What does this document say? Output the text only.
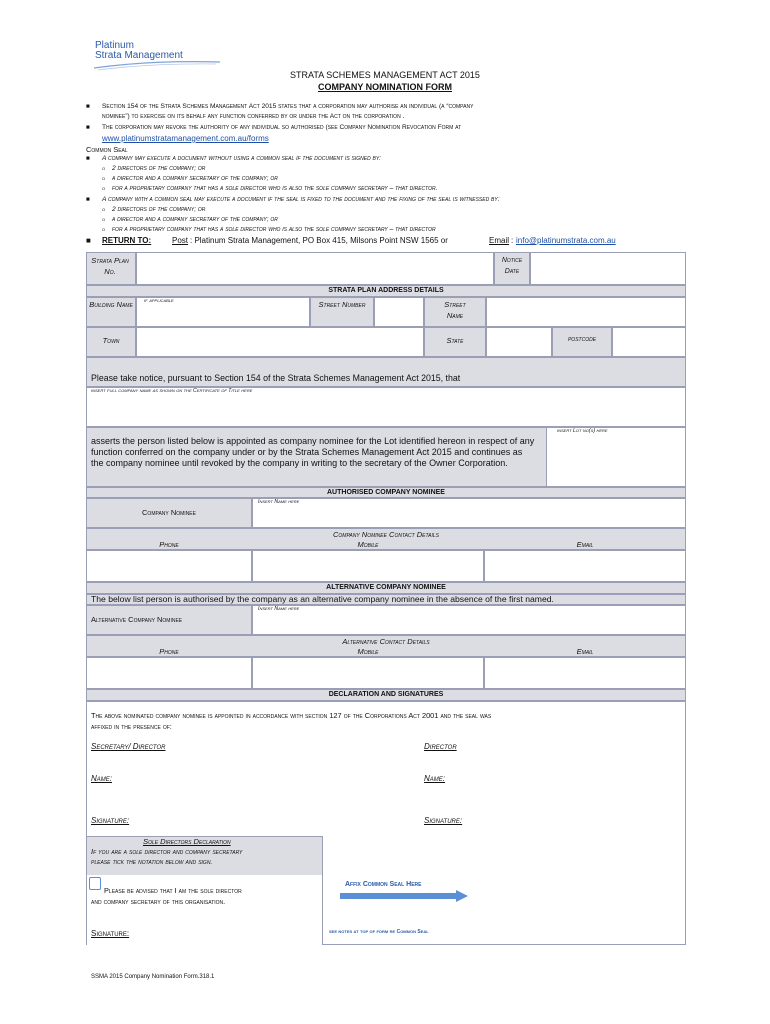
Platinum
Strata Management
STRATA SCHEMES MANAGEMENT ACT 2015
COMPANY NOMINATION FORM
■ Section 154 of the Strata Schemes Management Act 2015 states that a corporation may authorise an individual (a “company
nominee”) to exercise on its behalf any function conferred by or under the Act on the corporation .
■ The corporation may revoke the authority of any individual so authorised (see Company Nomination Revocation Form at
www.platinumstratamanagement.com.au/forms
Common Seal
■ A company may execute a document without using a common seal if the document is signed by:
o 2 directors of the company; or
o a director and a company secretary of the company; or
o for a proprietary company that has a sole director who is also the sole company secretary – that director.
■ A company with a common seal may execute a document if the seal is fixed to the document and the fixing of the seal is witnessed by:
o 2 directors of the company; or
o a director and a company secretary of the company; or
o for a proprietary company that has a sole director who is also the sole company secretary – that director
■ RETURN TO:	Post : Platinum Strata Management, PO Box 415, Milsons Point NSW 1565 or	Email : info@platinumstrata.com.au
Strata Plan No.
Notice Date
STRATA PLAN ADDRESS DETAILS
Building Name if applicable	Street Number	Street Name
Town	State	postcode
Please take notice, pursuant to Section 154 of the Strata Schemes Management Act 2015, that
insert full company name as shown on the Certificate of Title here
insert Lot no(s) here
asserts the person listed below is appointed as company nominee for the Lot identified hereon in respect of any function conferred on the company under or by the Strata Schemes Management Act 2015 and continues as the company nominee until revoked by the company in writing to the secretary of the Owner Corporation.
AUTHORISED COMPANY NOMINEE
Company Nominee
Insert Name here
Company Nominee Contact Details
Phone	Mobile	Email
ALTERNATIVE COMPANY NOMINEE
The below list person is authorised by the company as an alternative company nominee in the absence of the first named.
Alternative Company Nominee
Insert Name here
Alternative Contact Details
Phone	Mobile	Email
DECLARATION AND SIGNATURES
The above nominated company nominee is appointed in accordance with section 127 of the Corporations Act 2001 and the seal was
affixed in the presence of:
Secretary/ Director	Director
Name:	Name:
Signature:	Signature:
Sole Directors Declaration
If you are a sole director and company secretary
please tick the notation below and sign.
Please be advised that I am the sole director
and company secretary of this organisation.
Signature:
Affix Common Seal Here
see notes at top of form re Common Seal
SSMA 2015 Company Nomination Form.318.1
